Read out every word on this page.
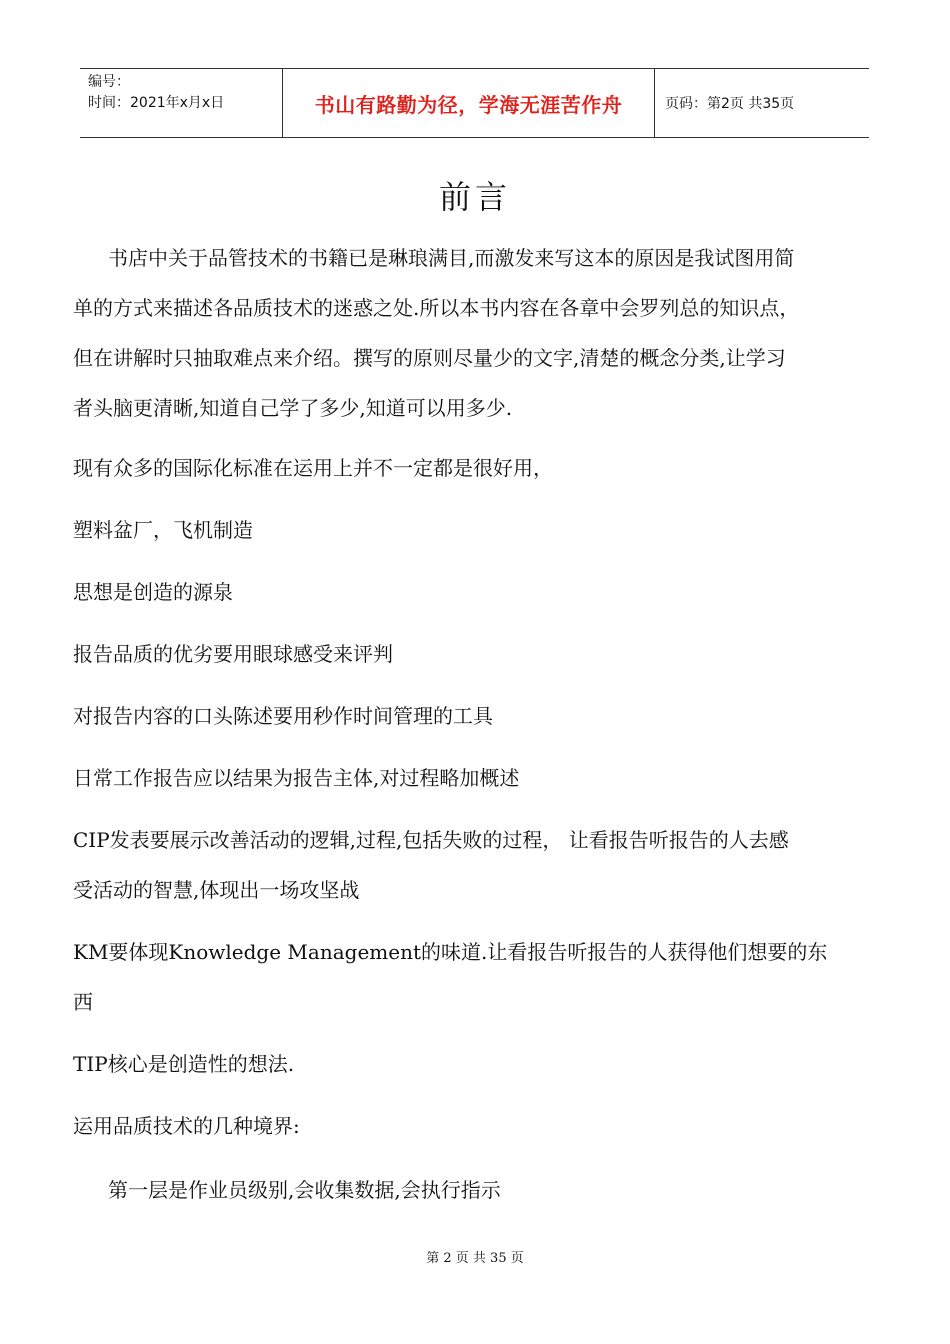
编号：
时间：2021年x月x日	书山有路勤为径，学海无涯苦作舟	页码：第2页 共35页
前言
书店中关于品管技术的书籍已是琳琅满目,而激发来写这本的原因是我试图用简
单的方式来描述各品质技术的迷惑之处.所以本书内容在各章中会罗列总的知识点，
但在讲解时只抽取难点来介绍。撰写的原则尽量少的文字,清楚的概念分类,让学习
者头脑更清晰,知道自己学了多少,知道可以用多少.
现有众多的国际化标准在运用上并不一定都是很好用，
塑料盆厂，飞机制造
思想是创造的源泉
报告品质的优劣要用眼球感受来评判
对报告内容的口头陈述要用秒作时间管理的工具
日常工作报告应以结果为报告主体,对过程略加概述
CIP发表要展示改善活动的逻辑,过程,包括失败的过程， 让看报告听报告的人去感
受活动的智慧,体现出一场攻坚战
KM要体现Knowledge Management的味道.让看报告听报告的人获得他们想要的东
西
TIP核心是创造性的想法.
运用品质技术的几种境界:
第一层是作业员级别,会收集数据,会执行指示
第 2 页 共 35 页
